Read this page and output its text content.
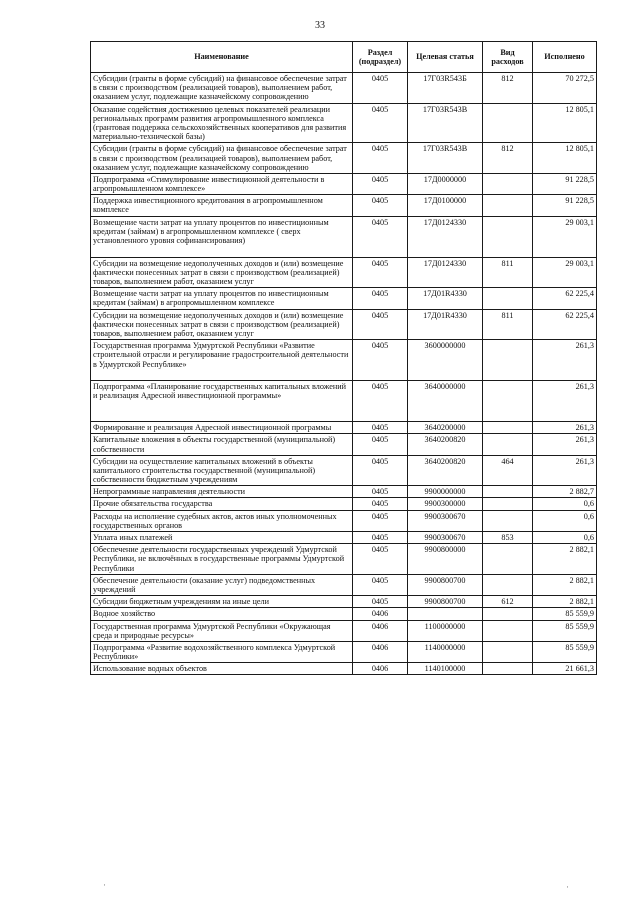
33
Наименование	Раздел (подраздел)	Целевая статья	Вид расходов	Исполнено
Субсидии (гранты в форме субсидий) на финансовое обеспечение затрат в связи с производством (реализацией товаров), выполнением работ, оказанием услуг, подлежащие казначейскому сопровождению	0405	17Г03R543Б	812	70 272,5
Оказание содействия достижению целевых показателей реализации региональных программ развития агропромышленного комплекса (грантовая поддержка сельскохозяйственных кооперативов для развития материально-технической базы)	0405	17Г03R543В		12 805,1
Субсидии (гранты в форме субсидий) на финансовое обеспечение затрат в связи с производством (реализацией товаров), выполнением работ, оказанием услуг, подлежащие казначейскому сопровождению	0405	17Г03R543В	812	12 805,1
Подпрограмма «Стимулирование инвестиционной деятельности в агропромышленном комплексе»	0405	17Д0000000		91 228,5
Поддержка инвестиционного кредитования в агропромышленном комплексе	0405	17Д0100000		91 228,5
Возмещение части затрат на уплату процентов по инвестиционным кредитам (займам) в агропромышленном комплексе ( сверх установленного уровня софинансирования)	0405	17Д0124330		29 003,1
Субсидии на возмещение недополученных доходов и (или) возмещение фактически понесенных затрат в связи с производством (реализацией) товаров, выполнением работ, оказанием услуг	0405	17Д0124330	811	29 003,1
Возмещение части затрат на уплату процентов по инвестиционным кредитам (займам) в агропромышленном комплексе	0405	17Д01R4330		62 225,4
Субсидии на возмещение недополученных доходов и (или) возмещение фактически понесенных затрат в связи с производством (реализацией) товаров, выполнением работ, оказанием услуг	0405	17Д01R4330	811	62 225,4
Государственная программа Удмуртской Республики «Развитие строительной отрасли и регулирование градостроительной деятельности в Удмуртской Республике»	0405	3600000000		261,3
Подпрограмма «Планирование государственных капитальных вложений и реализация Адресной инвестиционной программы»	0405	3640000000		261,3
Формирование и реализация Адресной инвестиционной программы	0405	3640200000		261,3
Капитальные вложения в объекты государственной (муниципальной) собственности	0405	3640200820		261,3
Субсидии на осуществление капитальных вложений в объекты капитального строительства государственной (муниципальной) собственности бюджетным учреждениям	0405	3640200820	464	261,3
Непрограммные направления деятельности	0405	9900000000		2 882,7
Прочие обязательства государства	0405	9900300000		0,6
Расходы на исполнение судебных актов, актов иных уполномоченных государственных органов	0405	9900300670		0,6
Уплата иных платежей	0405	9900300670	853	0,6
Обеспечение деятельности государственных учреждений Удмуртской Республики, не включённых в государственные программы Удмуртской Республики	0405	9900800000		2 882,1
Обеспечение деятельности (оказание услуг) подведомственных учреждений	0405	9900800700		2 882,1
Субсидии бюджетным учреждениям на иные цели	0405	9900800700	612	2 882,1
Водное хозяйство	0406			85 559,9
Государственная программа Удмуртской Республики «Окружающая среда и природные ресурсы»	0406	1100000000		85 559,9
Подпрограмма «Развитие водохозяйственного комплекса Удмуртской Республики»	0406	1140000000		85 559,9
Использование водных объектов	0406	1140100000		21 661,3
·	·
